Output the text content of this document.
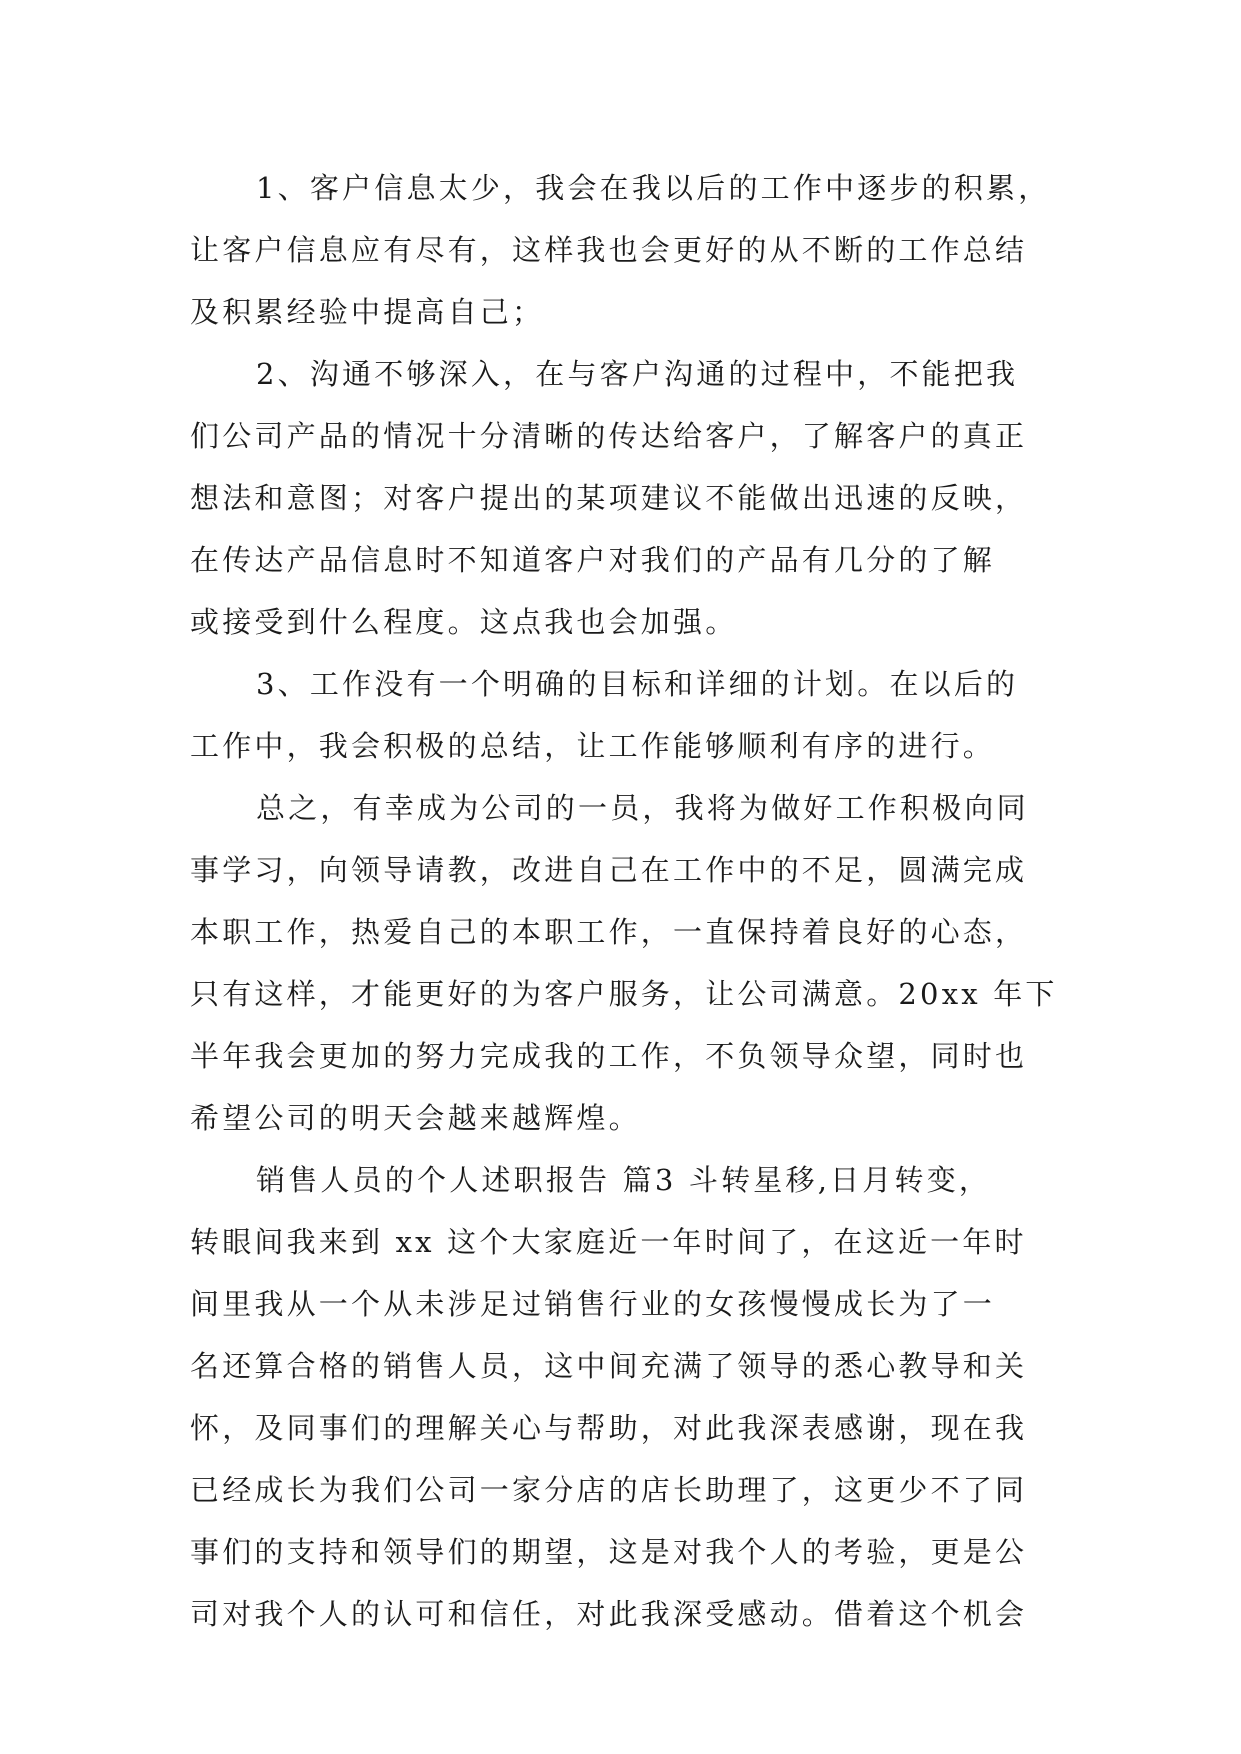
1、客户信息太少，我会在我以后的工作中逐步的积累，
让客户信息应有尽有，这样我也会更好的从不断的工作总结
及积累经验中提高自己；
2、沟通不够深入，在与客户沟通的过程中，不能把我
们公司产品的情况十分清晰的传达给客户，了解客户的真正
想法和意图；对客户提出的某项建议不能做出迅速的反映，
在传达产品信息时不知道客户对我们的产品有几分的了解
或接受到什么程度。这点我也会加强。
3、工作没有一个明确的目标和详细的计划。在以后的
工作中，我会积极的总结，让工作能够顺利有序的进行。
总之，有幸成为公司的一员，我将为做好工作积极向同
事学习，向领导请教，改进自己在工作中的不足，圆满完成
本职工作，热爱自己的本职工作，一直保持着良好的心态，
只有这样，才能更好的为客户服务，让公司满意。20xx 年下
半年我会更加的努力完成我的工作，不负领导众望，同时也
希望公司的明天会越来越辉煌。
销售人员的个人述职报告 篇3 斗转星移,日月转变，
转眼间我来到 xx 这个大家庭近一年时间了，在这近一年时
间里我从一个从未涉足过销售行业的女孩慢慢成长为了一
名还算合格的销售人员，这中间充满了领导的悉心教导和关
怀，及同事们的理解关心与帮助，对此我深表感谢，现在我
已经成长为我们公司一家分店的店长助理了，这更少不了同
事们的支持和领导们的期望，这是对我个人的考验，更是公
司对我个人的认可和信任，对此我深受感动。借着这个机会
